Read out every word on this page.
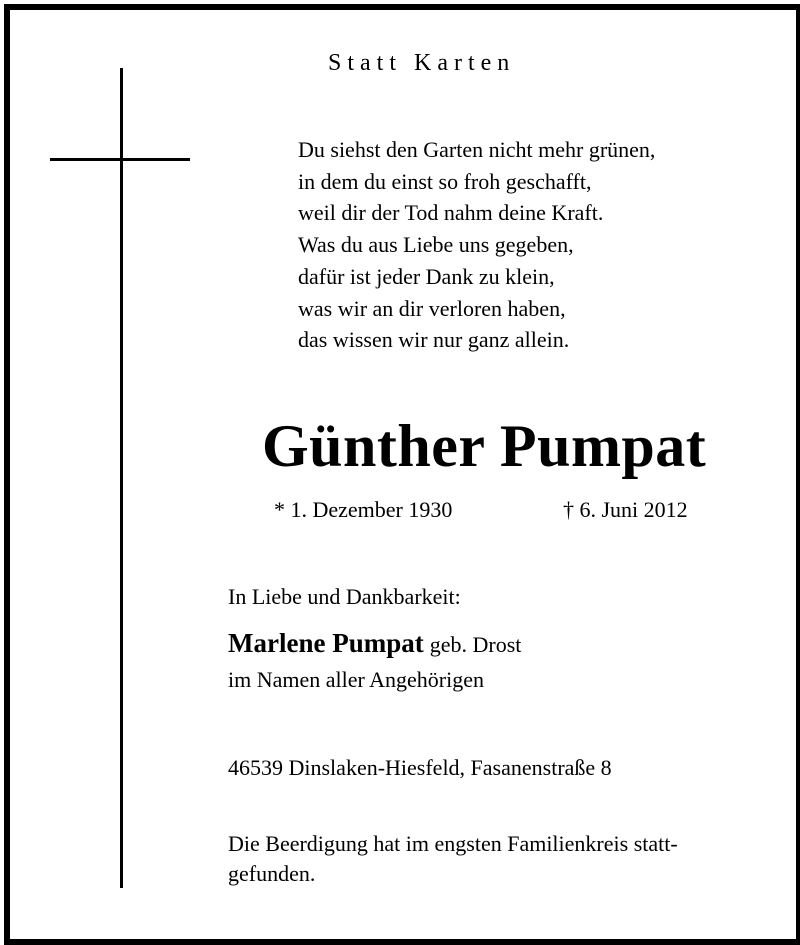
Statt Karten
Du siehst den Garten nicht mehr grünen,
in dem du einst so froh geschafft,
weil dir der Tod nahm deine Kraft.
Was du aus Liebe uns gegeben,
dafür ist jeder Dank zu klein,
was wir an dir verloren haben,
das wissen wir nur ganz allein.
Günther Pumpat
* 1. Dezember 1930	† 6. Juni 2012
In Liebe und Dankbarkeit:
Marlene Pumpat geb. Drost
im Namen aller Angehörigen
46539 Dinslaken-Hiesfeld, Fasanenstraße 8
Die Beerdigung hat im engsten Familienkreis statt-
gefunden.
